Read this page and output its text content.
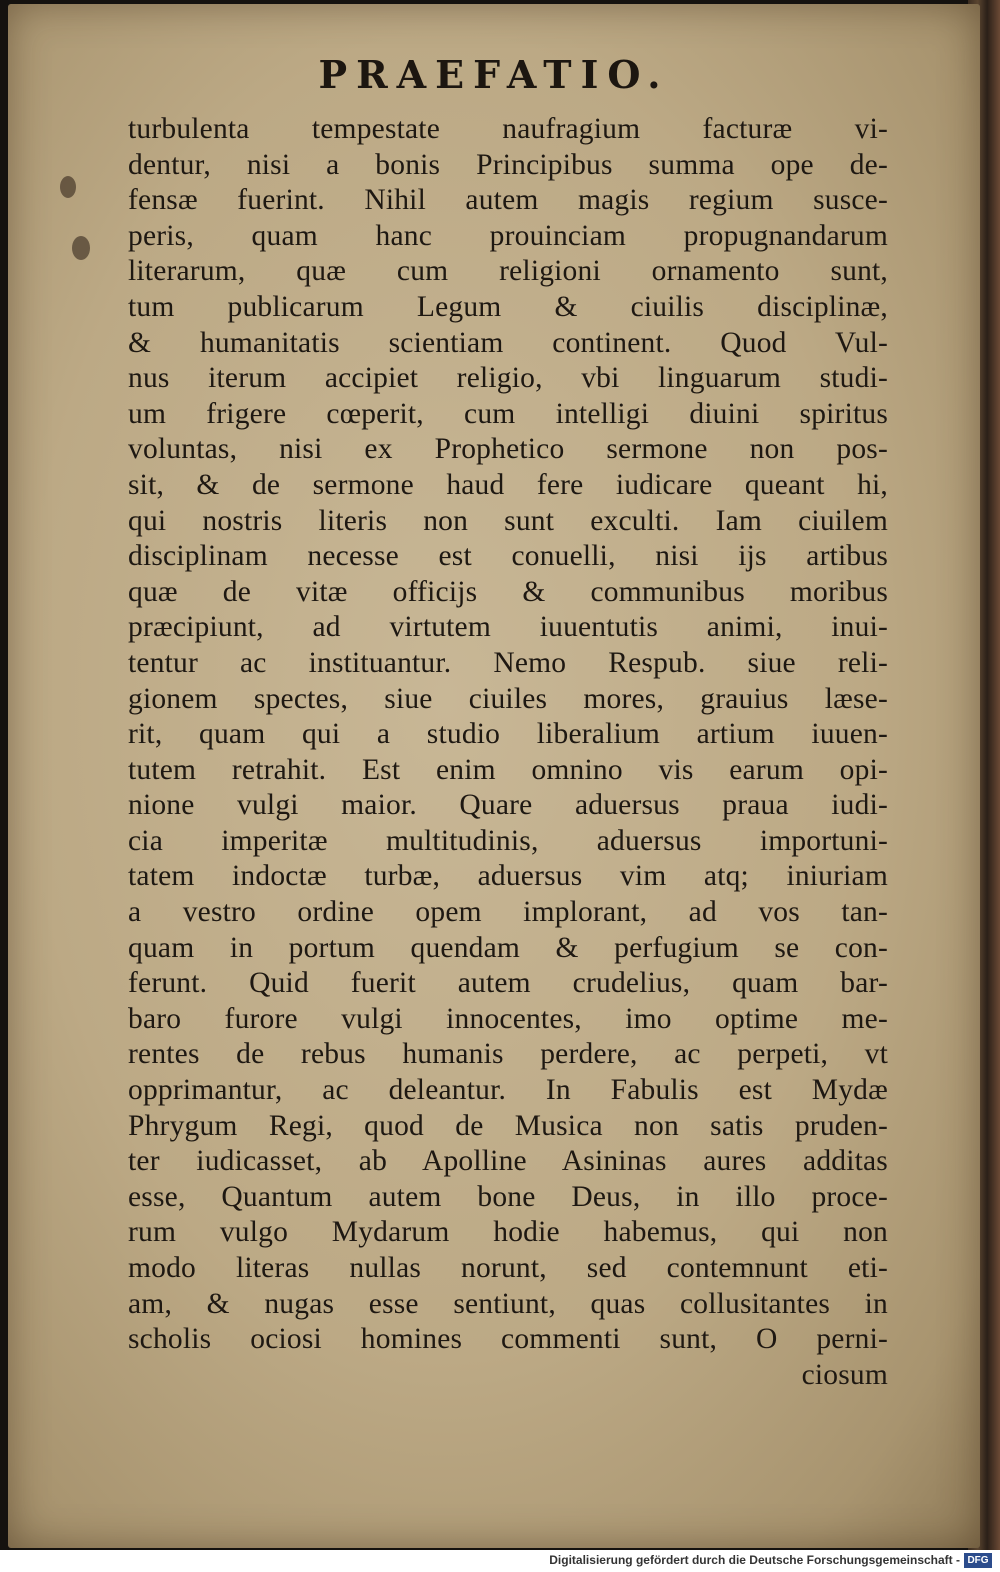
PRAEFATIO.
turbulenta tempestate naufragium facturæ vi-
dentur, nisi a bonis Principibus summa ope de-
fensæ fuerint. Nihil autem magis regium susce-
peris, quam hanc prouinciam propugnandarum
literarum, quæ cum religioni ornamento sunt,
tum publicarum Legum & ciuilis disciplinæ,
& humanitatis scientiam continent. Quod Vul-
nus iterum accipiet religio, vbi linguarum studi-
um frigere cœperit, cum intelligi diuini spiritus
voluntas, nisi ex Prophetico sermone non pos-
sit, & de sermone haud fere iudicare queant hi,
qui nostris literis non sunt exculti. Iam ciuilem
disciplinam necesse est conuelli, nisi ijs artibus
quæ de vitæ officijs & communibus moribus
præcipiunt, ad virtutem iuuentutis animi, inui-
tentur ac instituantur. Nemo Respub. siue reli-
gionem spectes, siue ciuiles mores, grauius læse-
rit, quam qui a studio liberalium artium iuuen-
tutem retrahit. Est enim omnino vis earum opi-
nione vulgi maior. Quare aduersus praua iudi-
cia imperitæ multitudinis, aduersus importuni-
tatem indoctæ turbæ, aduersus vim atq; iniuriam
a vestro ordine opem implorant, ad vos tan-
quam in portum quendam & perfugium se con-
ferunt. Quid fuerit autem crudelius, quam bar-
baro furore vulgi innocentes, imo optime me-
rentes de rebus humanis perdere, ac perpeti, vt
opprimantur, ac deleantur. In Fabulis est Mydæ
Phrygum Regi, quod de Musica non satis pruden-
ter iudicasset, ab Apolline Asininas aures additas
esse, Quantum autem bone Deus, in illo proce-
rum vulgo Mydarum hodie habemus, qui non
modo literas nullas norunt, sed contemnunt eti-
am, & nugas esse sentiunt, quas collusitantes in
scholis ociosi homines commenti sunt, O perni-
ciosum
Digitalisierung gefördert durch die Deutsche Forschungsgemeinschaft - DFG
